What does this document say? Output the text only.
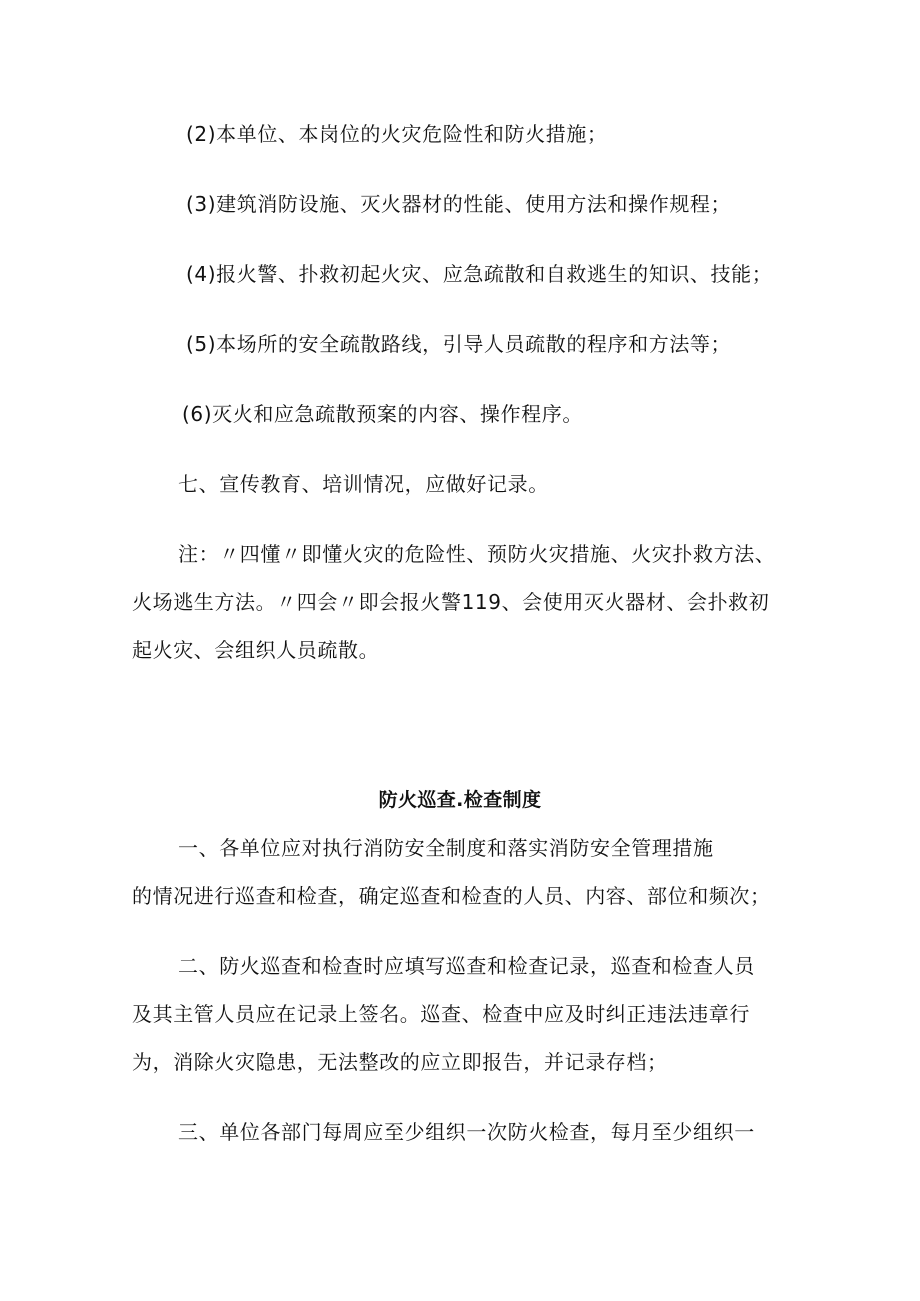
(2)本单位、本岗位的火灾危险性和防火措施；
(3)建筑消防设施、灭火器材的性能、使用方法和操作规程；
(4)报火警、扑救初起火灾、应急疏散和自救逃生的知识、技能；
(5)本场所的安全疏散路线，引导人员疏散的程序和方法等；
(6)灭火和应急疏散预案的内容、操作程序。
七、宣传教育、培训情况，应做好记录。
注：〃四懂〃即懂火灾的危险性、预防火灾措施、火灾扑救方法、
火场逃生方法。〃四会〃即会报火警119、会使用灭火器材、会扑救初
起火灾、会组织人员疏散。
防火巡查.检查制度
一、各单位应对执行消防安全制度和落实消防安全管理措施
的情况进行巡查和检查，确定巡查和检查的人员、内容、部位和频次；
二、防火巡查和检查时应填写巡查和检查记录，巡查和检查人员
及其主管人员应在记录上签名。巡查、检查中应及时纠正违法违章行
为，消除火灾隐患，无法整改的应立即报告，并记录存档；
三、单位各部门每周应至少组织一次防火检查，每月至少组织一
